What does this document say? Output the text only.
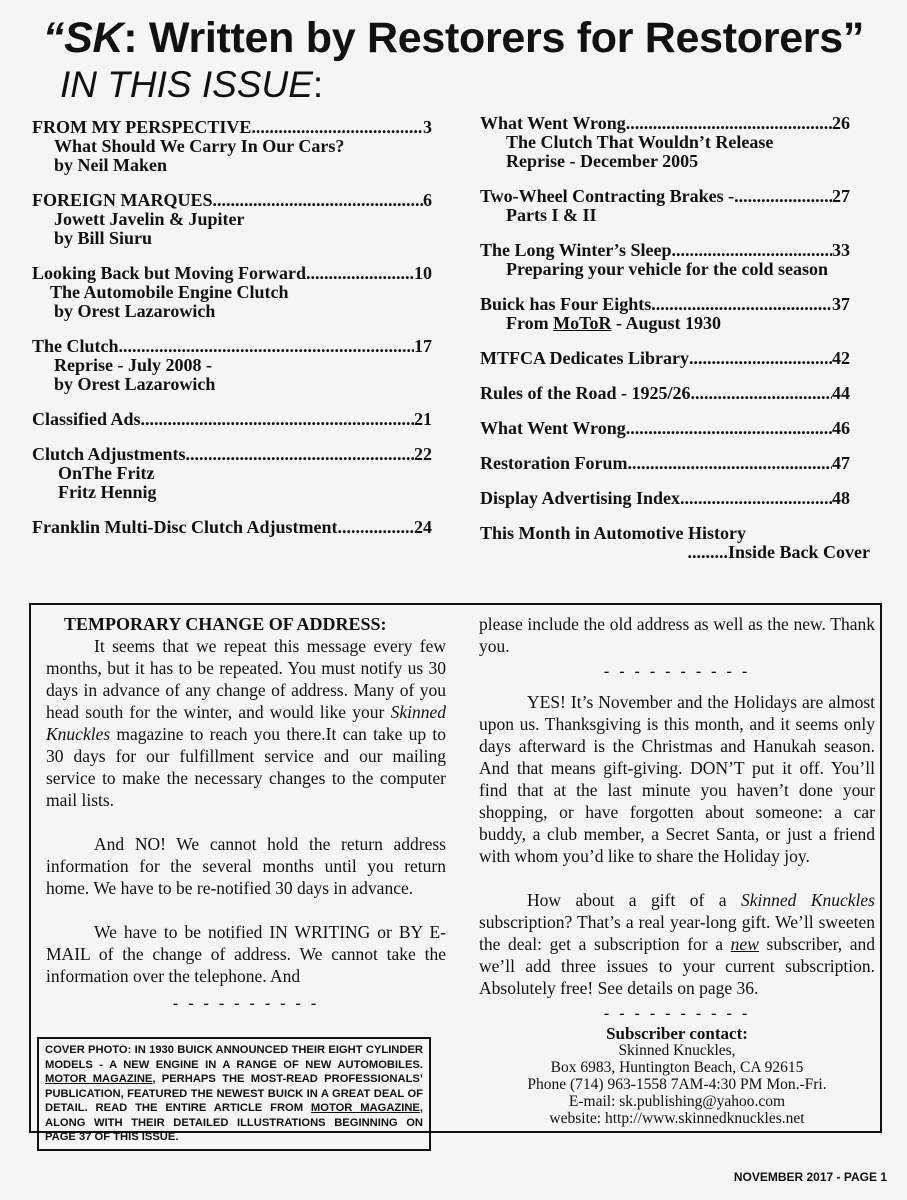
“SK: Written by Restorers for Restorers”
IN THIS ISSUE:
FROM MY PERSPECTIVE .....	3
What Should We Carry In Our Cars?
by Neil Maken
FOREIGN MARQUES .....	6
Jowett Javelin & Jupiter
by Bill Siuru
Looking Back but Moving Forward .....	10
The Automobile Engine Clutch
by Orest Lazarowich
The Clutch .....	17
Reprise - July 2008 -
by Orest Lazarowich
Classified Ads .....	21
Clutch Adjustments .....	22
OnThe Fritz
Fritz Hennig
Franklin Multi-Disc Clutch Adjustment .....	24
What Went Wrong .....	26
The Clutch That Wouldn’t Release
Reprise - December 2005
Two-Wheel Contracting Brakes - .....	27
Parts I & II
The Long Winter’s Sleep .....	33
Preparing your vehicle for the cold season
Buick has Four Eights .....	37
From MoToR - August 1930
MTFCA Dedicates Library .....	42
Rules of the Road - 1925/26 .....	44
What Went Wrong .....	46
Restoration Forum .....	47
Display Advertising Index .....	48
This Month in Automotive History
.........Inside Back Cover

TEMPORARY CHANGE OF ADDRESS:

It seems that we repeat this message every few months, but it has to be repeated. You must notify us 30 days in advance of any change of address. Many of you head south for the winter, and would like your Skinned Knuckles magazine to reach you there.It can take up to 30 days for our fulfillment service and our mailing service to make the necessary changes to the computer mail lists.

And NO! We cannot hold the return address information for the several months until you return home. We have to be re-notified 30 days in advance.

We have to be notified IN WRITING or BY E-MAIL of the change of address. We cannot take the information over the telephone. And

- - - - - - - - - -
COVER PHOTO: IN 1930 BUICK ANNOUNCED THEIR EIGHT CYLINDER MODELS - A NEW ENGINE IN A RANGE OF NEW AUTOMOBILES. MOTOR MAGAZINE, PERHAPS THE MOST-READ PROFESSIONALS’ PUBLICATION, FEATURED THE NEWEST BUICK IN A GREAT DEAL OF DETAIL. READ THE ENTIRE ARTICLE FROM MOTOR MAGAZINE, ALONG WITH THEIR DETAILED ILLUSTRATIONS BEGINNING ON PAGE 37 OF THIS ISSUE.

please include the old address as well as the new. Thank you.

- - - - - - - - - -

YES! It’s November and the Holidays are almost upon us. Thanksgiving is this month, and it seems only days afterward is the Christmas and Hanukah season. And that means gift-giving. DON’T put it off. You’ll find that at the last minute you haven’t done your shopping, or have forgotten about someone: a car buddy, a club member, a Secret Santa, or just a friend with whom you’d like to share the Holiday joy.

How about a gift of a Skinned Knuckles subscription? That’s a real year-long gift. We’ll sweeten the deal: get a subscription for a new subscriber, and we’ll add three issues to your current subscription. Absolutely free! See details on page 36.

- - - - - - - - - -
Subscriber contact:
Skinned Knuckles,
Box 6983, Huntington Beach, CA 92615
Phone (714) 963-1558 7AM-4:30 PM Mon.-Fri.
E-mail: sk.publishing@yahoo.com
website: http://www.skinnedknuckles.net
NOVEMBER 2017 - PAGE 1
